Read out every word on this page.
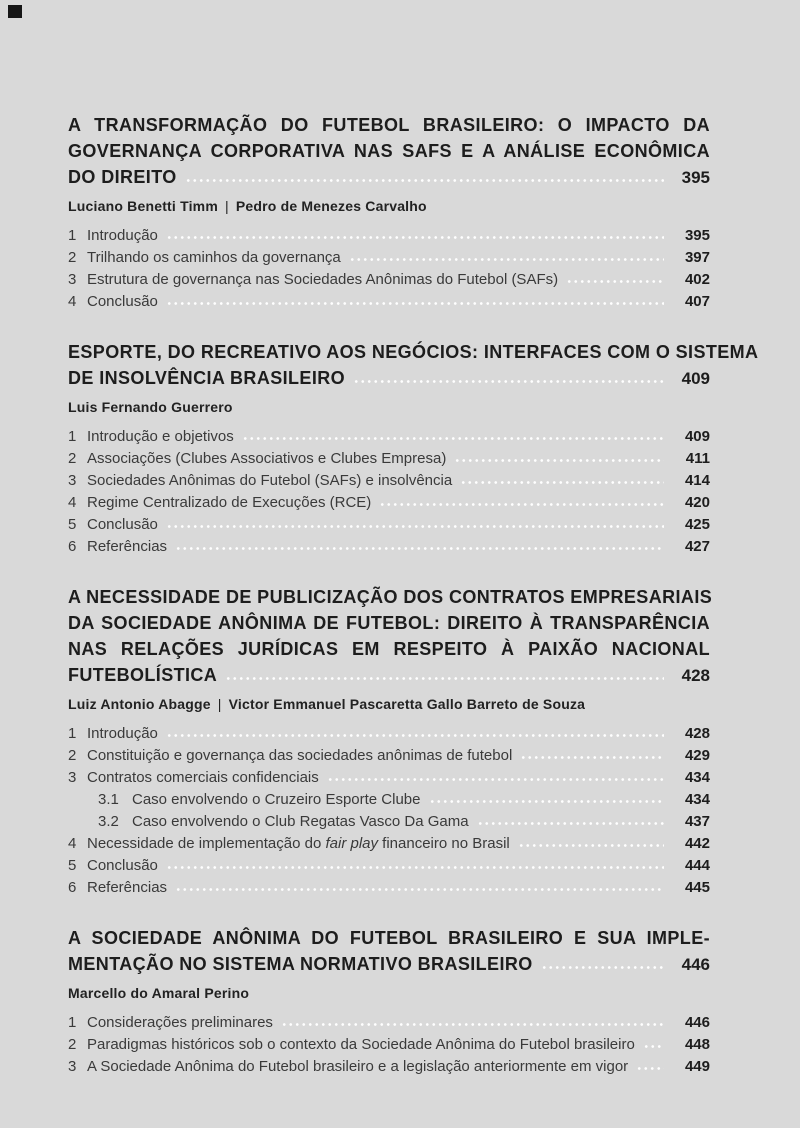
A TRANSFORMAÇÃO DO FUTEBOL BRASILEIRO: O IMPACTO DA
GOVERNANÇA CORPORATIVA NAS SAFS E A ANÁLISE ECONÔMICA
DO DIREITO	395
Luciano Benetti Timm | Pedro de Menezes Carvalho
1 Introdução	395
2 Trilhando os caminhos da governança	397
3 Estrutura de governança nas Sociedades Anônimas do Futebol (SAFs)	402
4 Conclusão	407
ESPORTE, DO RECREATIVO AOS NEGÓCIOS: INTERFACES COM O SISTEMA
DE INSOLVÊNCIA BRASILEIRO	409
Luis Fernando Guerrero
1 Introdução e objetivos	409
2 Associações (Clubes Associativos e Clubes Empresa)	411
3 Sociedades Anônimas do Futebol (SAFs) e insolvência	414
4 Regime Centralizado de Execuções (RCE)	420
5 Conclusão	425
6 Referências	427
A NECESSIDADE DE PUBLICIZAÇÃO DOS CONTRATOS EMPRESARIAIS
DA SOCIEDADE ANÔNIMA DE FUTEBOL: DIREITO À TRANSPARÊNCIA
NAS RELAÇÕES JURÍDICAS EM RESPEITO À PAIXÃO NACIONAL
FUTEBOLÍSTICA	428
Luiz Antonio Abagge | Victor Emmanuel Pascaretta Gallo Barreto de Souza
1 Introdução	428
2 Constituição e governança das sociedades anônimas de futebol	429
3 Contratos comerciais confidenciais	434
3.1 Caso envolvendo o Cruzeiro Esporte Clube	434
3.2 Caso envolvendo o Club Regatas Vasco Da Gama	437
4 Necessidade de implementação do fair play financeiro no Brasil	442
5 Conclusão	444
6 Referências	445
A SOCIEDADE ANÔNIMA DO FUTEBOL BRASILEIRO E SUA IMPLE-
MENTAÇÃO NO SISTEMA NORMATIVO BRASILEIRO	446
Marcello do Amaral Perino
1 Considerações preliminares	446
2 Paradigmas históricos sob o contexto da Sociedade Anônima do Futebol brasileiro	448
3 A Sociedade Anônima do Futebol brasileiro e a legislação anteriormente em vigor	449
